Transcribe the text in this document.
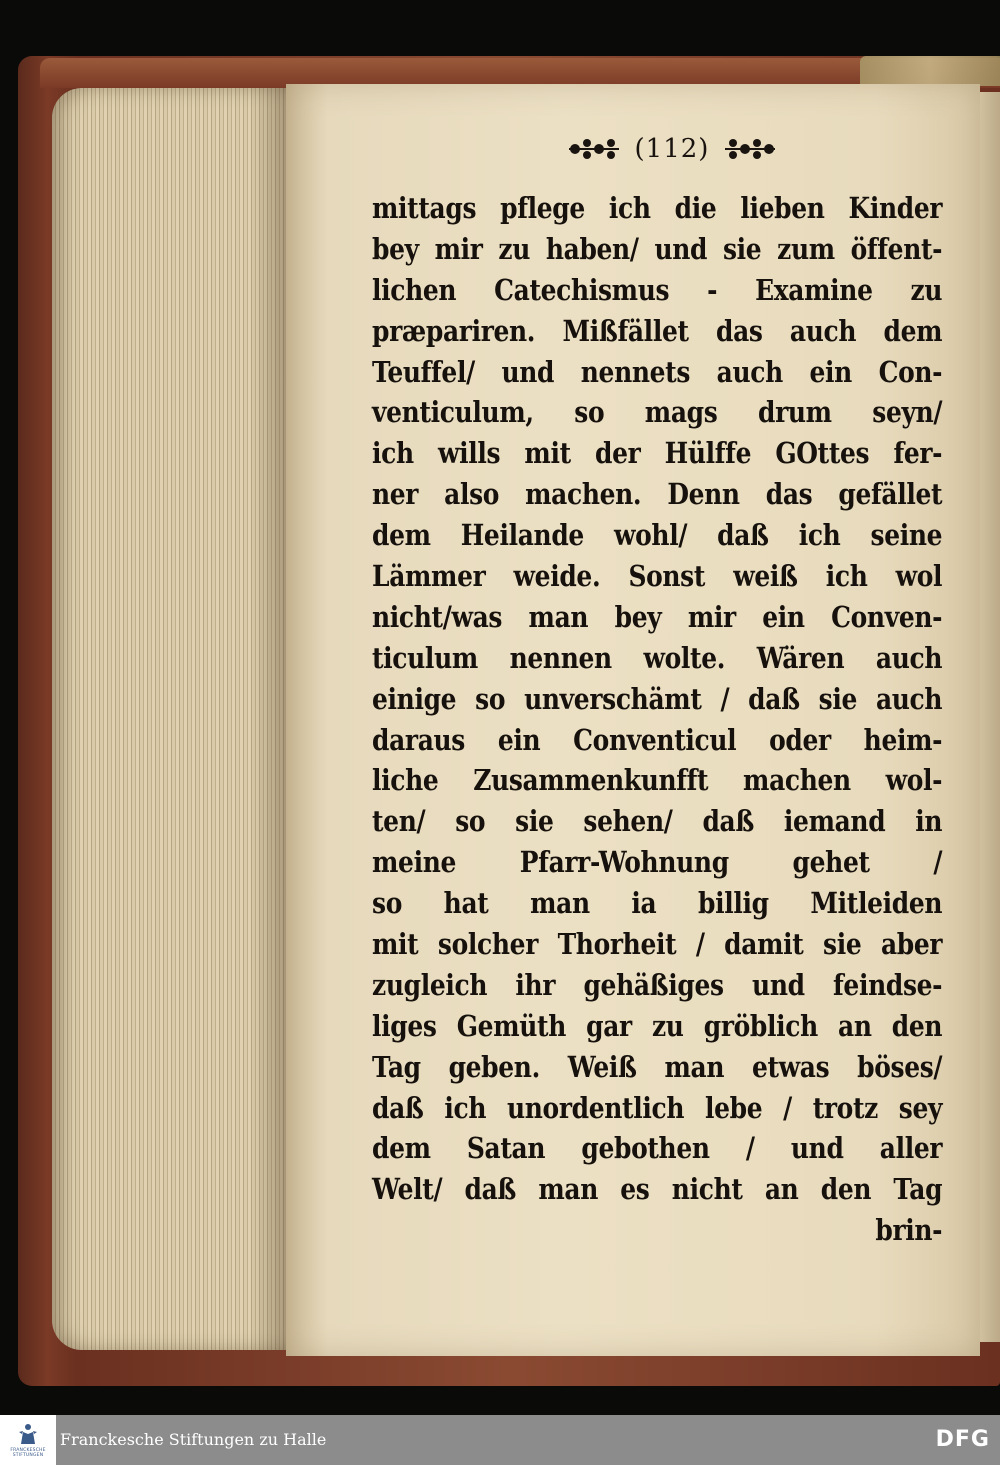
(112)
mittags pflege ich die lieben Kinder
bey mir zu haben/ und sie zum öffent-
lichen Catechismus - Examine zu
præpariren. Mißfället das auch dem
Teuffel/ und nennets auch ein Con-
venticulum, so mags drum seyn/
ich wills mit der Hülffe GOttes fer-
ner also machen. Denn das gefället
dem Heilande wohl/ daß ich seine
Lämmer weide. Sonst weiß ich wol
nicht/was man bey mir ein Conven-
ticulum nennen wolte. Wären auch
einige so unverschämt / daß sie auch
daraus ein Conventicul oder heim-
liche Zusammenkunfft machen wol-
ten/ so sie sehen/ daß iemand in
meine Pfarr-Wohnung gehet /
so hat man ia billig Mitleiden
mit solcher Thorheit / damit sie aber
zugleich ihr gehäßiges und feindse-
liges Gemüth gar zu gröblich an den
Tag geben. Weiß man etwas böses/
daß ich unordentlich lebe / trotz sey
dem Satan gebothen / und aller
Welt/ daß man es nicht an den Tag
brin-
FRANCKESCHE
STIFTUNGEN
Franckesche Stiftungen zu Halle	DFG
